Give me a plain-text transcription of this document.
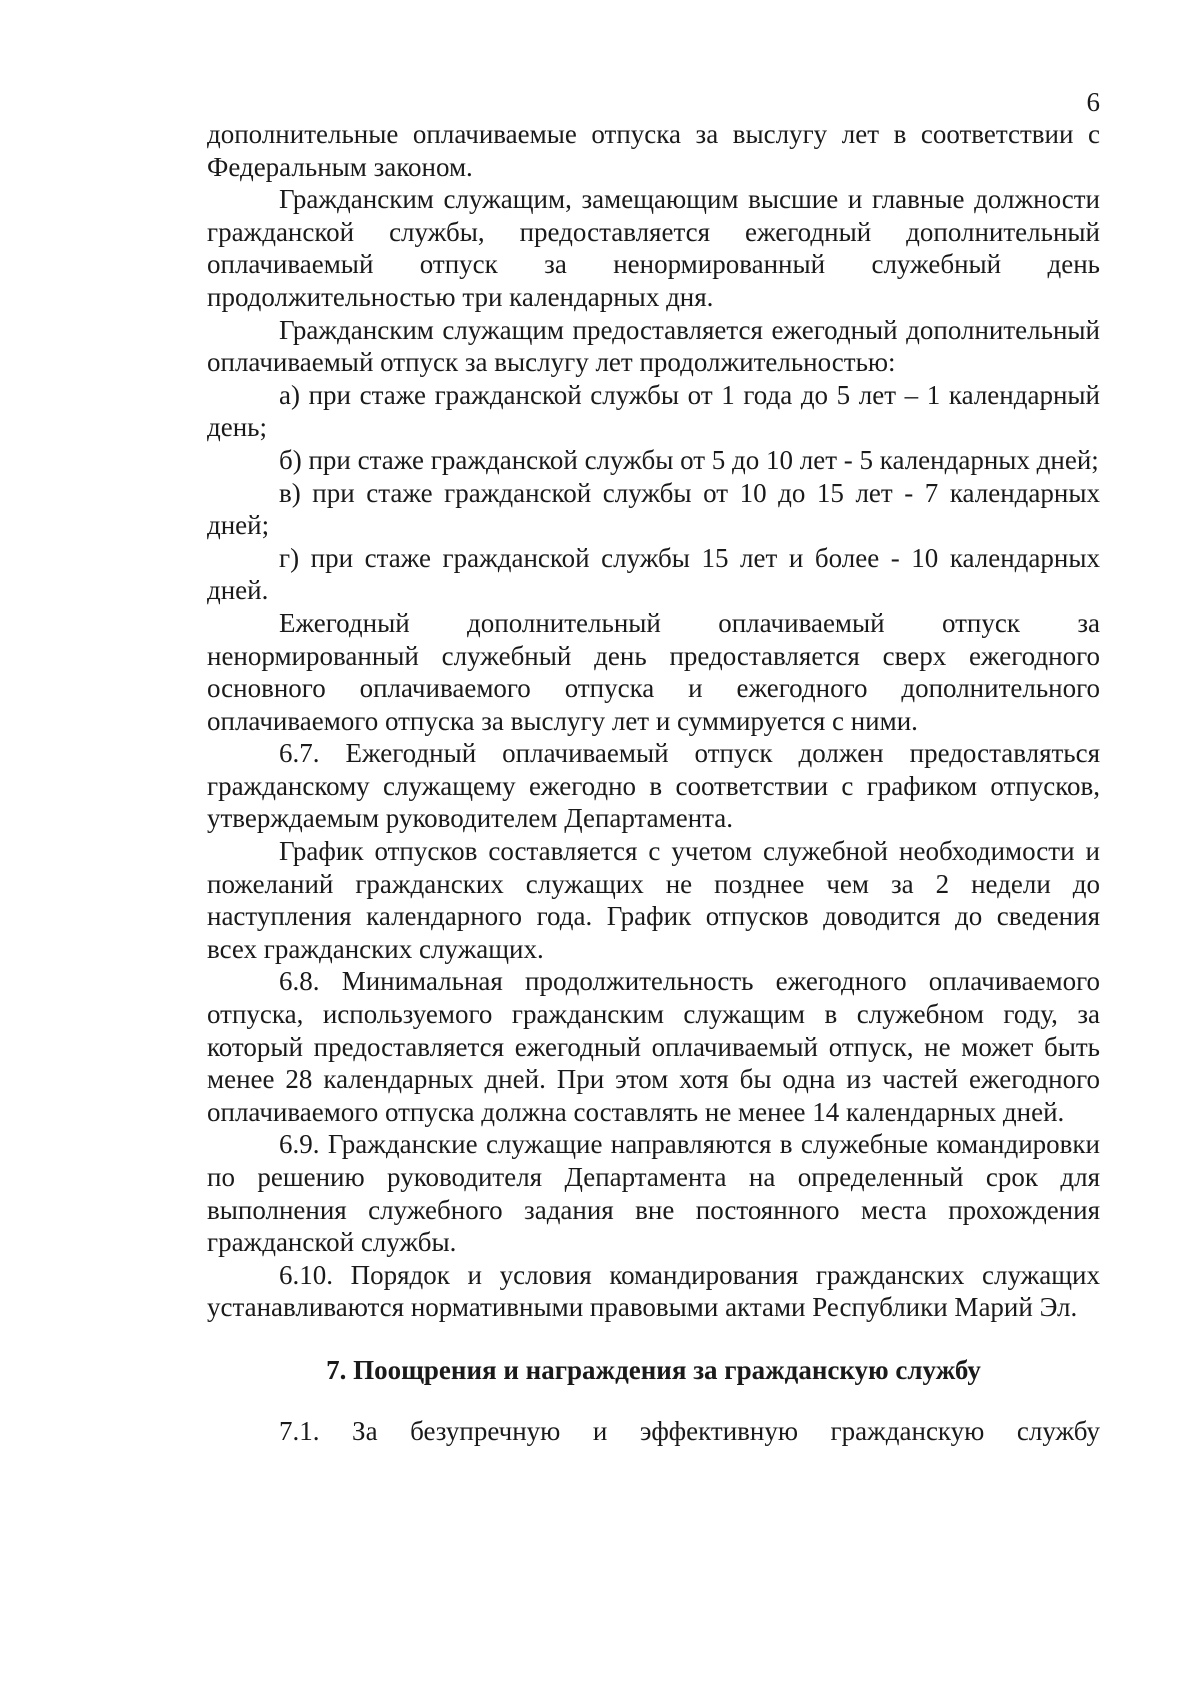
6

дополнительные оплачиваемые отпуска за выслугу лет в соответствии с Федеральным законом.

Гражданским служащим, замещающим высшие и главные должности гражданской службы, предоставляется ежегодный дополнительный оплачиваемый отпуск за ненормированный служебный день продолжительностью три календарных дня.

Гражданским служащим предоставляется ежегодный дополнительный оплачиваемый отпуск за выслугу лет продолжительностью:

а) при стаже гражданской службы от 1 года до 5 лет – 1 календарный день;

б) при стаже гражданской службы от 5 до 10 лет - 5 календарных дней;

в) при стаже гражданской службы от 10 до 15 лет - 7 календарных дней;

г) при стаже гражданской службы 15 лет и более - 10 календарных дней.

Ежегодный дополнительный оплачиваемый отпуск за ненормированный служебный день предоставляется сверх ежегодного основного оплачиваемого отпуска и ежегодного дополнительного оплачиваемого отпуска за выслугу лет и суммируется с ними.

6.7. Ежегодный оплачиваемый отпуск должен предоставляться гражданскому служащему ежегодно в соответствии с графиком отпусков, утверждаемым руководителем Департамента.

График отпусков составляется с учетом служебной необходимости и пожеланий гражданских служащих не позднее чем за 2 недели до наступления календарного года. График отпусков доводится до сведения всех гражданских служащих.

6.8. Минимальная продолжительность ежегодного оплачиваемого отпуска, используемого гражданским служащим в служебном году, за который предоставляется ежегодный оплачиваемый отпуск, не может быть менее 28 календарных дней. При этом хотя бы одна из частей ежегодного оплачиваемого отпуска должна составлять не менее 14 календарных дней.

6.9. Гражданские служащие направляются в служебные командировки по решению руководителя Департамента на определенный срок для выполнения служебного задания вне постоянного места прохождения гражданской службы.

6.10. Порядок и условия командирования гражданских служащих устанавливаются нормативными правовыми актами Республики Марий Эл.

7. Поощрения и награждения за гражданскую службу

7.1. За безупречную и эффективную гражданскую службу
